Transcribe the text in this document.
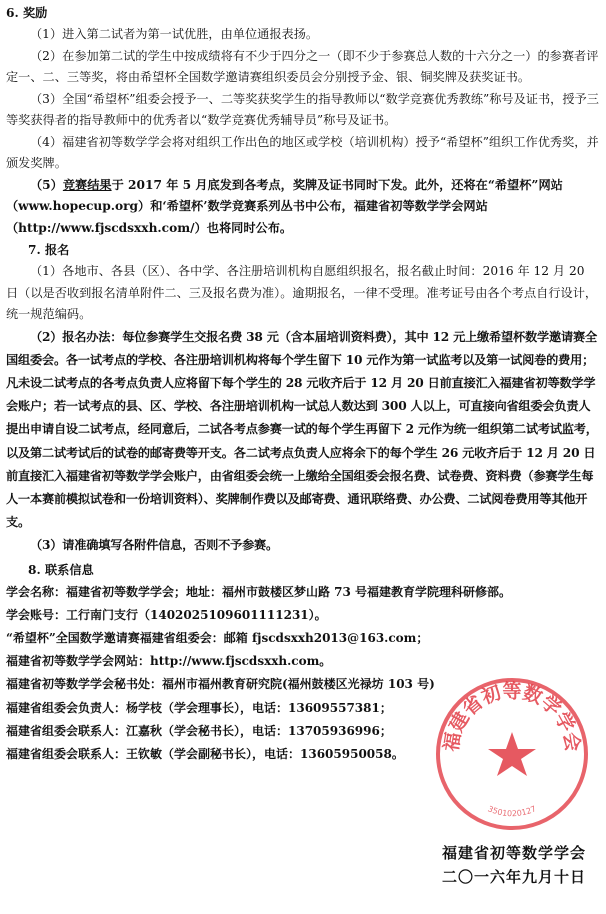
6. 奖励

（1）进入第二试者为第一试优胜，由单位通报表扬。

（2）在参加第二试的学生中按成绩将有不少于四分之一（即不少于参赛总人数的十六分之一）的参赛者评定一、二、三等奖，将由希望杯全国数学邀请赛组织委员会分别授予金、银、铜奖牌及获奖证书。

（3）全国“希望杯”组委会授予一、二等奖获奖学生的指导教师以“数学竞赛优秀教练”称号及证书，授予三等奖获得者的指导教师中的优秀者以“数学竞赛优秀辅导员”称号及证书。

（4）福建省初等数学学会将对组织工作出色的地区或学校（培训机构）授予“希望杯”组织工作优秀奖，并颁发奖牌。

（5）竞赛结果于 2017 年 5 月底发到各考点，奖牌及证书同时下发。此外，还将在“希望杯”网站（www.hopecup.org）和‘希望杯’数学竞赛系列丛书中公布，福建省初等数学学会网站（http://www.fjscdsxxh.com/）也将同时公布。

7. 报名

（1）各地市、各县（区）、各中学、各注册培训机构自愿组织报名，报名截止时间：2016 年 12 月 20 日（以是否收到报名清单附件二、三及报名费为准）。逾期报名，一律不受理。准考证号由各个考点自行设计，统一规范编码。

（2）报名办法：每位参赛学生交报名费 38 元（含本届培训资料费），其中 12 元上缴希望杯数学邀请赛全国组委会。各一试考点的学校、各注册培训机构将每个学生留下 10 元作为第一试监考以及第一试阅卷的费用；凡未设二试考点的各考点负责人应将留下每个学生的 28 元收齐后于 12 月 20 日前直接汇入福建省初等数学学会账户；若一试考点的县、区、学校、各注册培训机构一试总人数达到 300 人以上，可直接向省组委会负责人提出申请自设二试考点，经同意后，二试各考点参赛一试的每个学生再留下 2 元作为统一组织第二试考试监考，以及第二试考试后的试卷的邮寄费等开支。各二试考点负责人应将余下的每个学生 26 元收齐后于 12 月 20 日前直接汇入福建省初等数学学会账户，由省组委会统一上缴给全国组委会报名费、试卷费、资料费（参赛学生每人一本赛前模拟试卷和一份培训资料）、奖牌制作费以及邮寄费、通讯联络费、办公费、二试阅卷费用等其他开支。

（3）请准确填写各附件信息，否则不予参赛。

8. 联系信息

学会名称：福建省初等数学学会；地址：福州市鼓楼区梦山路 73 号福建教育学院理科研修部。

学会账号：工行南门支行（1402025109601111231）。

“希望杯”全国数学邀请赛福建省组委会：邮箱 fjscdsxxh2013@163.com；

福建省初等数学学会网站：http://www.fjscdsxxh.com。

福建省初等数学学会秘书处：福州市福州教育研究院(福州鼓楼区光禄坊 103 号)

福建省组委会负责人：杨学枝（学会理事长），电话：13609557381；

福建省组委会联系人：江嘉秋（学会秘书长），电话：13705936996；

福建省组委会联系人：王钦敏（学会副秘书长），电话：13605950058。

福建省初等数学学会
3501020127
福建省初等数学学会
二〇一六年九月十日
